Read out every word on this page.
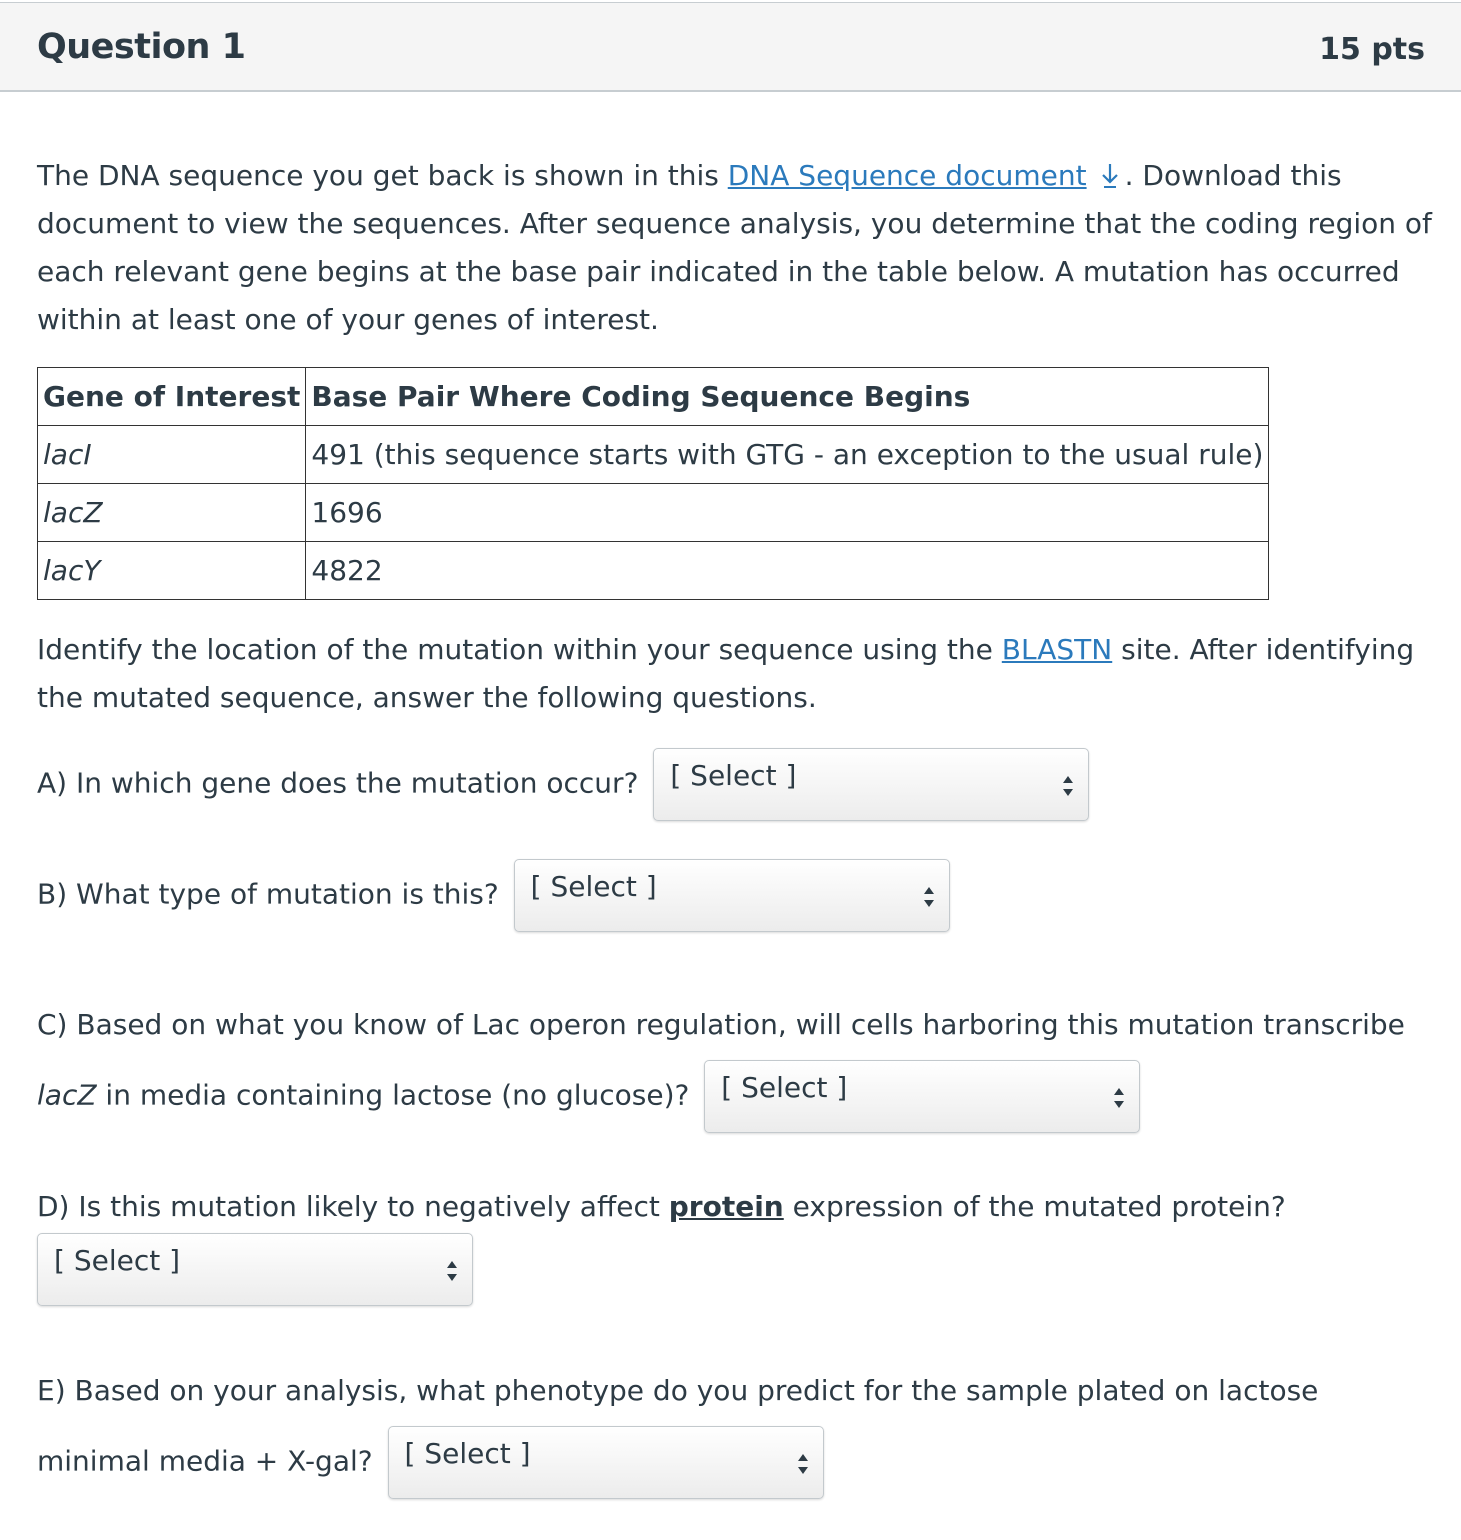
Question 1	15 pts

The DNA sequence you get back is shown in this DNA Sequence document . Download this document to view the sequences. After sequence analysis, you determine that the coding region of each relevant gene begins at the base pair indicated in the table below. A mutation has occurred within at least one of your genes of interest.

Gene of Interest	Base Pair Where Coding Sequence Begins
lacI	491 (this sequence starts with GTG - an exception to the usual rule)
lacZ	1696
lacY	4822

Identify the location of the mutation within your sequence using the BLASTN site. After identifying the mutated sequence, answer the following questions.

A) In which gene does the mutation occur? [ Select ]
B) What type of mutation is this? [ Select ]
C) Based on what you know of Lac operon regulation, will cells harboring this mutation transcribe lacZ in media containing lactose (no glucose)? [ Select ]
D) Is this mutation likely to negatively affect protein expression of the mutated protein?
[ Select ]
E) Based on your analysis, what phenotype do you predict for the sample plated on lactose minimal media + X-gal? [ Select ]
